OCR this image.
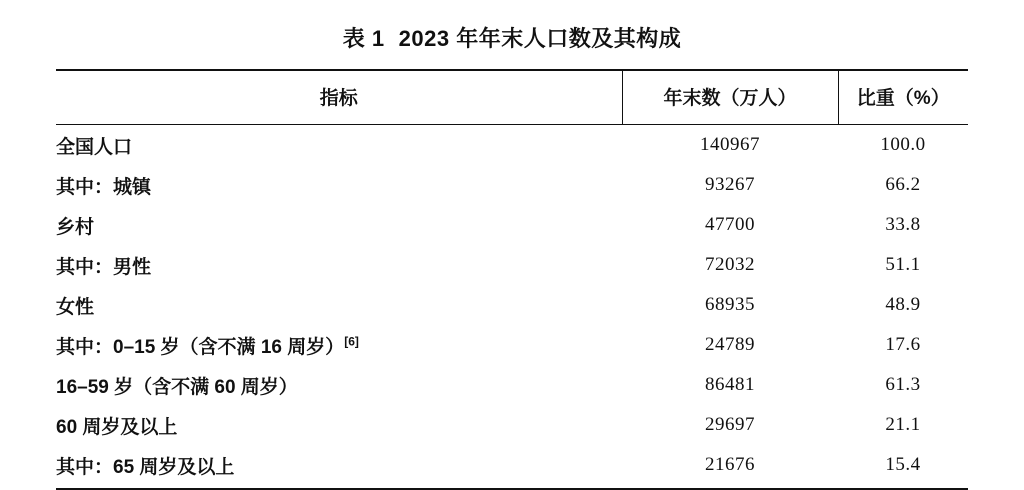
表 1 2023 年年末人口数及其构成
指标	年末数（万人）	比重（%）
全国人口	140967	100.0
其中：城镇	93267	66.2
乡村	47700	33.8
其中：男性	72032	51.1
女性	68935	48.9
其中：0–15 岁（含不满 16 周岁）[6]	24789	17.6
16–59 岁（含不满 60 周岁）	86481	61.3
60 周岁及以上	29697	21.1
其中：65 周岁及以上	21676	15.4
